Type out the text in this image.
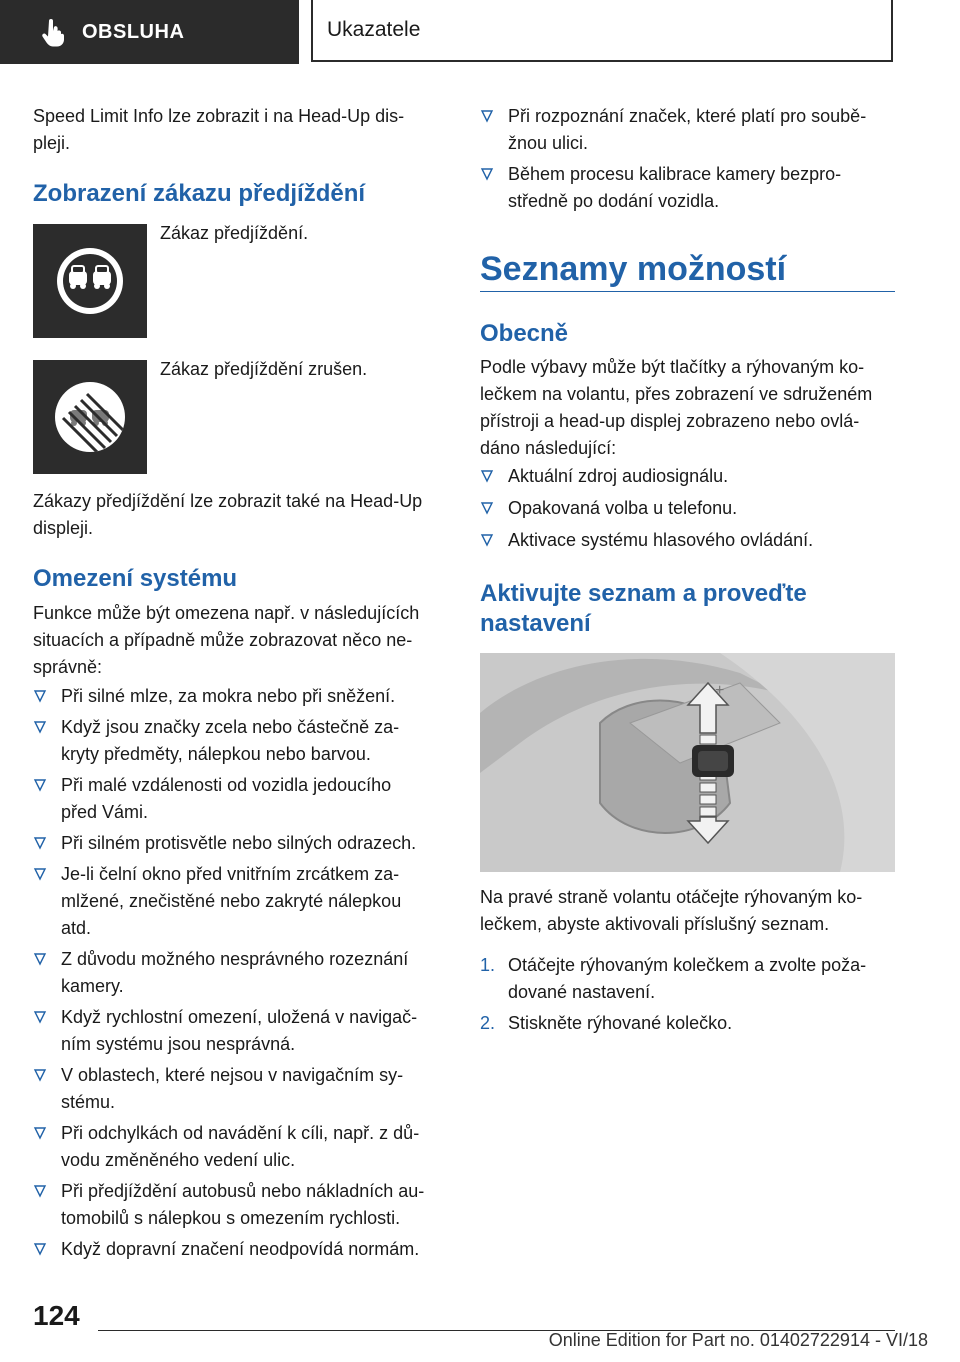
OBSLUHA	Ukazatele

Speed Limit Info lze zobrazit i na Head-Up dis-

pleji.

Zobrazení zákazu předjíždění
Zákaz předjíždění.
Zákaz předjíždění zrušen.

Zákazy předjíždění lze zobrazit také na Head-Up

displeji.

Omezení systému

Funkce může být omezena např. v následujících

situacích a případně může zobrazovat něco ne-

správně:

Při silné mlze, za mokra nebo při sněžení.
Když jsou značky zcela nebo částečně za-
kryty předměty, nálepkou nebo barvou.
Při malé vzdálenosti od vozidla jedoucího
před Vámi.
Při silném protisvětle nebo silných odrazech.
Je-li čelní okno před vnitřním zrcátkem za-
mlžené, znečistěné nebo zakryté nálepkou
atd.
Z důvodu možného nesprávného rozeznání
kamery.
Když rychlostní omezení, uložená v navigač-
ním systému jsou nesprávná.
V oblastech, které nejsou v navigačním sy-
stému.
Při odchylkách od navádění k cíli, např. z dů-
vodu změněného vedení ulic.
Při předjíždění autobusů nebo nákladních au-
tomobilů s nálepkou s omezením rychlosti.
Když dopravní značení neodpovídá normám.
Při rozpoznání značek, které platí pro soubě-
žnou ulici.
Během procesu kalibrace kamery bezpro-
středně po dodání vozidla.
Seznamy možností
Obecně

Podle výbavy může být tlačítky a rýhovaným ko-

lečkem na volantu, přes zobrazení ve sdruženém

přístroji a head-up displej zobrazeno nebo ovlá-

dáno následující:

Aktuální zdroj audiosignálu.
Opakovaná volba u telefonu.
Aktivace systému hlasového ovládání.
Aktivujte seznam a proveďte
nastavení

Na pravé straně volantu otáčejte rýhovaným ko-

lečkem, abyste aktivovali příslušný seznam.

1. Otáčejte rýhovaným kolečkem a zvolte poža-
dované nastavení.
2. Stiskněte rýhované kolečko.
+
124
Online Edition for Part no. 01402722914 - VI/18
